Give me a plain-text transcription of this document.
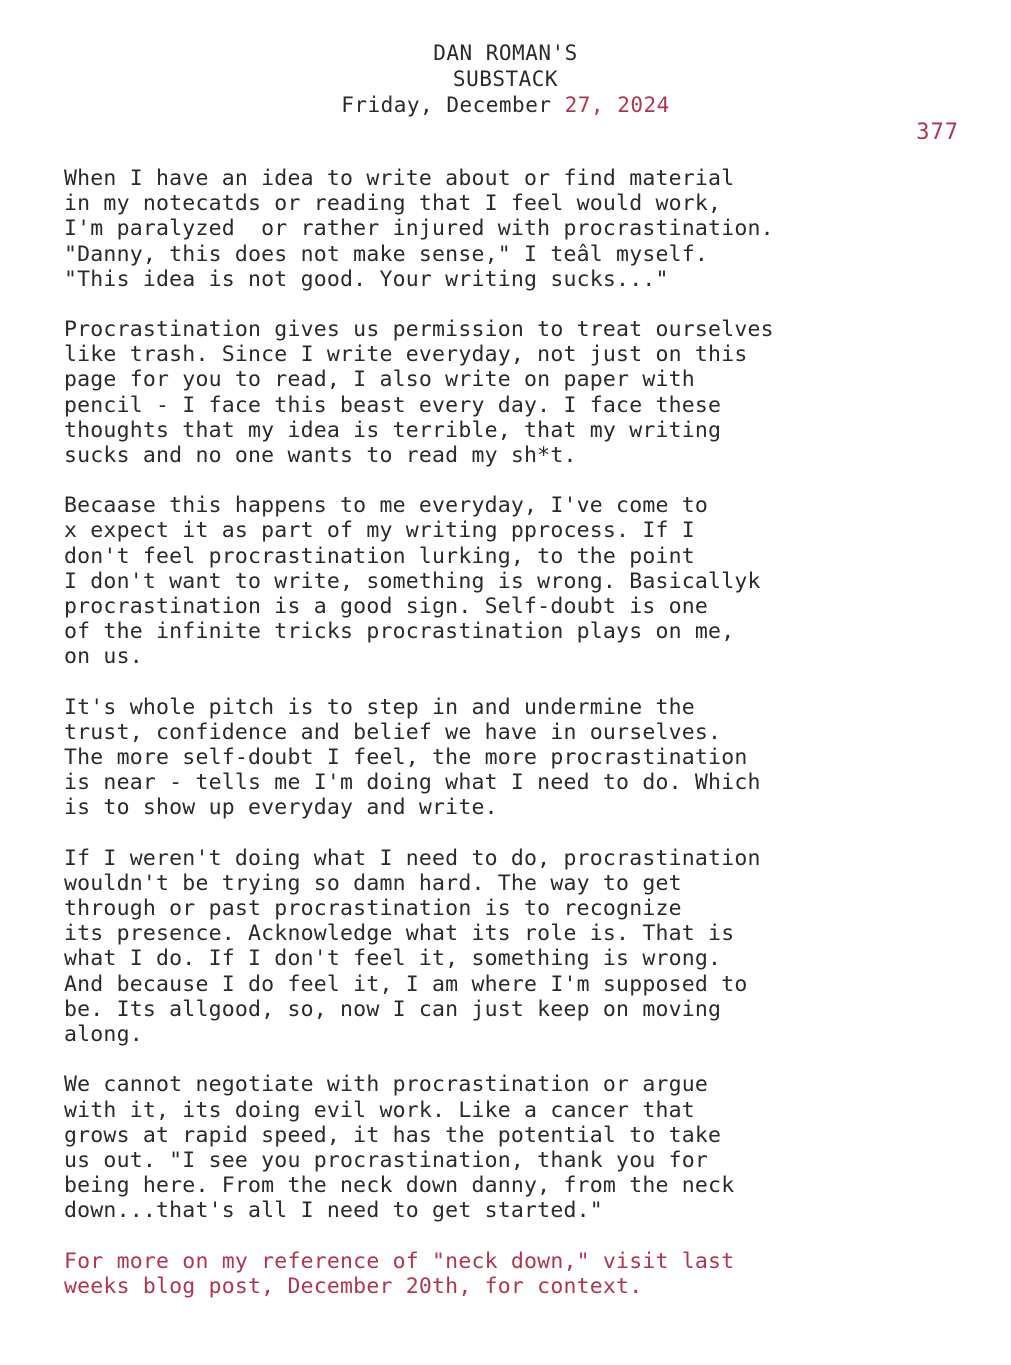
DAN ROMAN'S
SUBSTACK
Friday, December 27, 2024
377
When I have an idea to write about or find material
in my notecatds or reading that I feel would work,
I'm paralyzed  or rather injured with procrastination.
"Danny, this does not make sense," I teâl myself.
"This idea is not good. Your writing sucks..."
Procrastination gives us permission to treat ourselves
like trash. Since I write everyday, not just on this
page for you to read, I also write on paper with
pencil - I face this beast every day. I face these
thoughts that my idea is terrible, that my writing
sucks and no one wants to read my sh*t.
Becaase this happens to me everyday, I've come to
x expect it as part of my writing pprocess. If I
don't feel procrastination lurking, to the point
I don't want to write, something is wrong. Basicallyk
procrastination is a good sign. Self-doubt is one
of the infinite tricks procrastination plays on me,
on us.
It's whole pitch is to step in and undermine the
trust, confidence and belief we have in ourselves.
The more self-doubt I feel, the more procrastination
is near - tells me I'm doing what I need to do. Which
is to show up everyday and write.
If I weren't doing what I need to do, procrastination
wouldn't be trying so damn hard. The way to get
through or past procrastination is to recognize
its presence. Acknowledge what its role is. That is
what I do. If I don't feel it, something is wrong.
And because I do feel it, I am where I'm supposed to
be. Its allgood, so, now I can just keep on moving
along.
We cannot negotiate with procrastination or argue
with it, its doing evil work. Like a cancer that
grows at rapid speed, it has the potential to take
us out. "I see you procrastination, thank you for
being here. From the neck down danny, from the neck
down...that's all I need to get started."
For more on my reference of "neck down," visit last
weeks blog post, December 20th, for context.
